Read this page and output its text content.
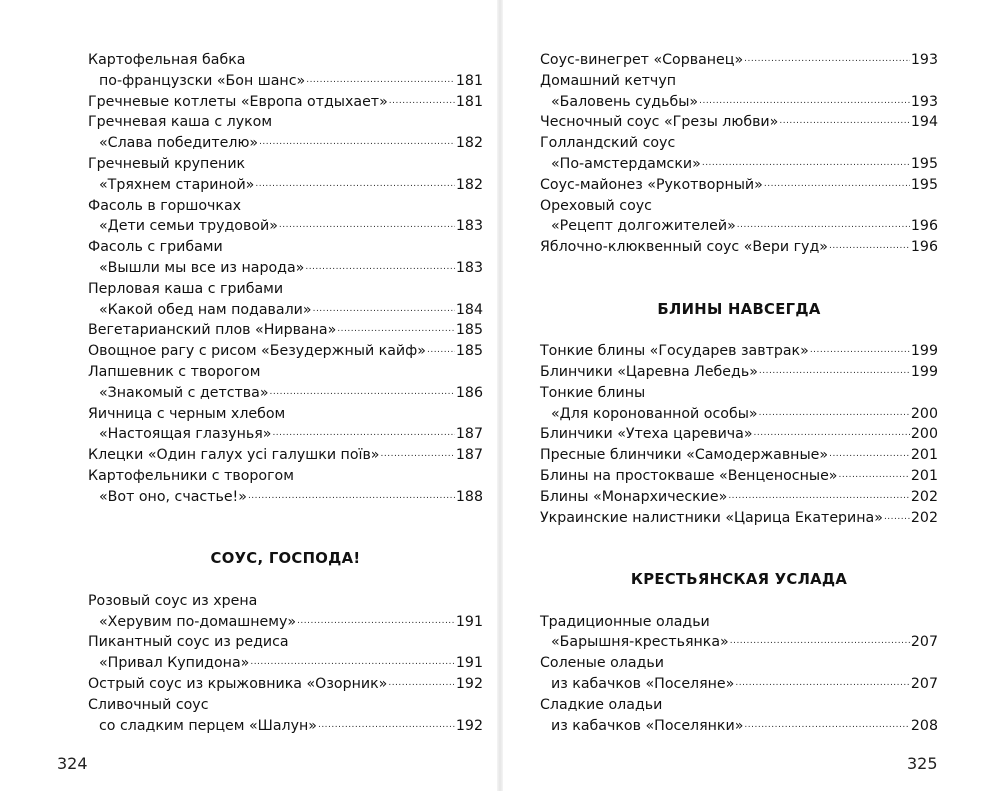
Картофельная бабка
по-французски «Бон шанс» .....	181
Гречневые котлеты «Европа отдыхает» .....	181
Гречневая каша с луком
«Слава победителю» .....	182
Гречневый крупеник
«Тряхнем стариной» .....	182
Фасоль в горшочках
«Дети семьи трудовой» .....	183
Фасоль с грибами
«Вышли мы все из народа» .....	183
Перловая каша с грибами
«Какой обед нам подавали» .....	184
Вегетарианский плов «Нирвана» .....	185
Овощное рагу с рисом «Безудержный кайф» ..... 185
Лапшевник с творогом
«Знакомый с детства» .....	186
Яичница с черным хлебом
«Настоящая глазунья» .....	187
Клецки «Один галух усі галушки поїв» .....	187
Картофельники с творогом
«Вот оно, счастье!» .....	188
СОУС, ГОСПОДА!
Розовый соус из хрена
«Херувим по-домашнему» .....	191
Пикантный соус из редиса
«Привал Купидона» .....	191
Острый соус из крыжовника «Озорник» .....	192
Сливочный соус
со сладким перцем «Шалун» .....	192
324
Соус-винегрет «Сорванец» .....	193
Домашний кетчуп
«Баловень судьбы» .....	193
Чесночный соус «Грезы любви» .....	194
Голландский соус
«По-амстердамски» .....	195
Соус-майонез «Рукотворный» .....	195
Ореховый соус
«Рецепт долгожителей» .....	196
Яблочно-клюквенный соус «Вери гуд» .....	196
БЛИНЫ НАВСЕГДА
Тонкие блины «Государев завтрак» .....	199
Блинчики «Царевна Лебедь» .....	199
Тонкие блины
«Для коронованной особы» .....	200
Блинчики «Утеха царевича» .....	200
Пресные блинчики «Самодержавные» .....	201
Блины на простокваше «Венценосные» .....	201
Блины «Монархические» .....	202
Украинские налистники «Царица Екатерина» ..... 202
КРЕСТЬЯНСКАЯ УСЛАДА
Традиционные оладьи
«Барышня-крестьянка» .....	207
Соленые оладьи
из кабачков «Поселяне» .....	207
Сладкие оладьи
из кабачков «Поселянки» .....	208
325
